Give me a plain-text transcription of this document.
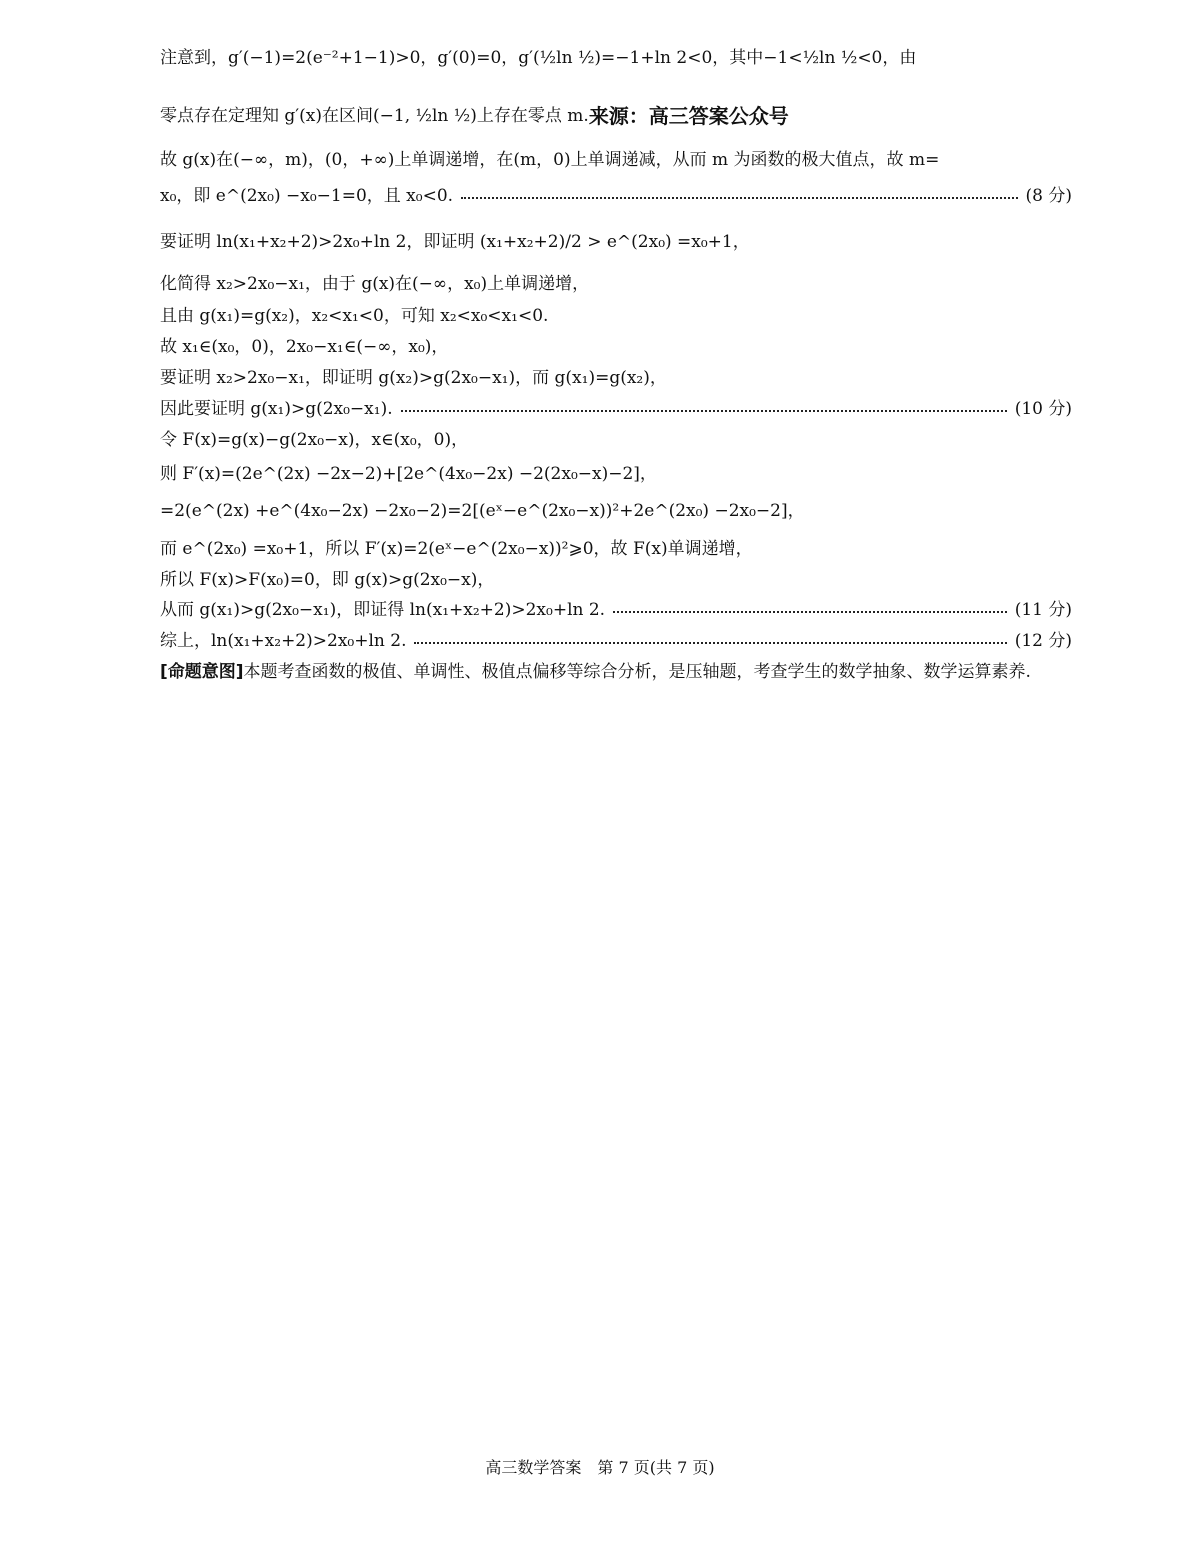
注意到，g′(−1)=2(e⁻²+1−1)>0，g′(0)=0，g′(½ln ½)=−1+ln 2<0，其中−1<½ln ½<0，由
零点存在定理知 g′(x)在区间(−1, ½ln ½)上存在零点 m. 来源：高三答案公众号
故 g(x)在(−∞，m)，(0，+∞)上单调递增，在(m，0)上单调递减，从而 m 为函数的极大值点，故 m=
x₀，即 e^(2x₀) −x₀−1=0，且 x₀<0.	(8 分)
要证明 ln(x₁+x₂+2)>2x₀+ln 2，即证明 (x₁+x₂+2)/2 > e^(2x₀) =x₀+1，
化简得 x₂>2x₀−x₁，由于 g(x)在(−∞，x₀)上单调递增，
且由 g(x₁)=g(x₂)，x₂<x₁<0，可知 x₂<x₀<x₁<0.
故 x₁∈(x₀，0)，2x₀−x₁∈(−∞，x₀)，
要证明 x₂>2x₀−x₁，即证明 g(x₂)>g(2x₀−x₁)，而 g(x₁)=g(x₂)，
因此要证明 g(x₁)>g(2x₀−x₁).	(10 分)
令 F(x)=g(x)−g(2x₀−x)，x∈(x₀，0)，
则 F′(x)=(2e^(2x) −2x−2)+[2e^(4x₀−2x) −2(2x₀−x)−2]，
=2(e^(2x) +e^(4x₀−2x) −2x₀−2)=2[(eˣ−e^(2x₀−x))²+2e^(2x₀) −2x₀−2]，
而 e^(2x₀) =x₀+1，所以 F′(x)=2(eˣ−e^(2x₀−x))²⩾0，故 F(x)单调递增，
所以 F(x)>F(x₀)=0，即 g(x)>g(2x₀−x)，
从而 g(x₁)>g(2x₀−x₁)，即证得 ln(x₁+x₂+2)>2x₀+ln 2.	(11 分)
综上，ln(x₁+x₂+2)>2x₀+ln 2.	(12 分)
[命题意图]本题考查函数的极值、单调性、极值点偏移等综合分析，是压轴题，考查学生的数学抽象、数学运算素养.
高三数学答案　第 7 页(共 7 页)
